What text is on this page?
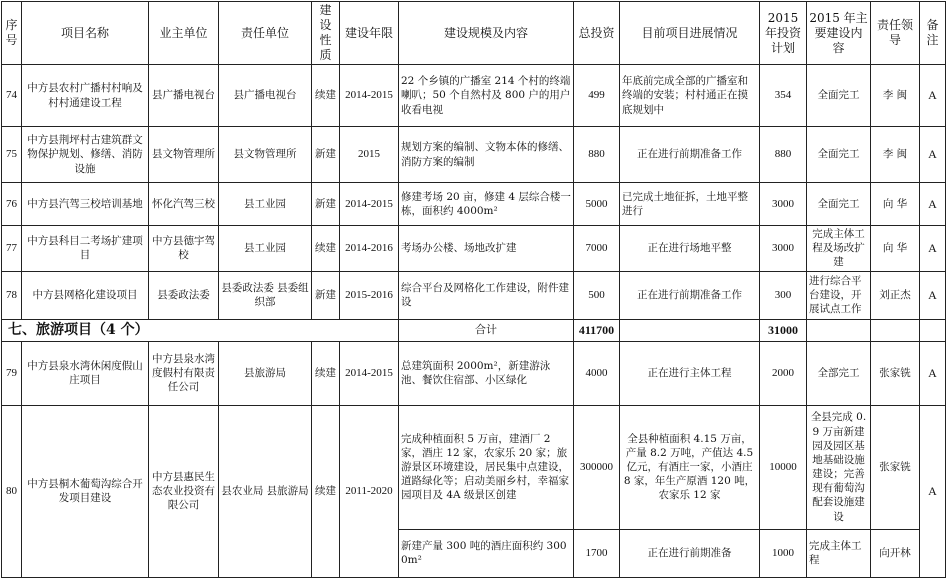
序号	项目名称	业主单位	责任单位	建设性质	建设年限	建设规模及内容	总投资	目前项目进展情况	2015 年投资计划	2015 年主要建设内容	责任领导	备注
74	中方县农村广播村村响及村村通建设工程	县广播电视台	县广播电视台	续建	2014-2015	22 个乡镇的广播室 214 个村的终端喇叭；50 个自然村及 800 户的用户收看电视	499	年底前完成全部的广播室和终端的安装；村村通正在摸底规划中	354	全面完工	李 闽	A
75	中方县荆坪村古建筑群文物保护规划、修缮、消防设施	县文物管理所	县文物管理所	新建	2015	规划方案的编制、文物本体的修缮、消防方案的编制	880	正在进行前期准备工作	880	全面完工	李 闽	A
76	中方县汽驾三校培训基地	怀化汽驾三校	县工业园	新建	2014-2015	修建考场 20 亩，修建 4 层综合楼一栋，面积约 4000m²	5000	已完成土地征拆，土地平整进行	3000	全面完工	向 华	A
77	中方县科目二考场扩建项目	中方县德宇驾校	县工业园	续建	2014-2016	考场办公楼、场地改扩建	7000	正在进行场地平整	3000	完成主体工程及场改扩建	向 华	A
78	中方县网格化建设项目	县委政法委	县委政法委 县委组织部	新建	2015-2016	综合平台及网格化工作建设，附件建设	500	正在进行前期准备工作	300	进行综合平台建设，开展试点工作	刘正杰	A
七、旅游项目（4 个）						合计	411700		31000			
79	中方县泉水湾休闲度假山庄项目	中方县泉水湾度假村有限责任公司	县旅游局	续建	2014-2015	总建筑面积 2000m²，新建游泳池、餐饮住宿部、小区绿化	4000	正在进行主体工程	2000	全部完工	张家铣	A
80	中方县桐木葡萄沟综合开发项目建设	中方县惠民生态农业投资有限公司	县农业局 县旅游局	续建	2011-2020	完成种植面积 5 万亩，建酒厂 2 家，酒庄 12 家，农家乐 20 家；旅游景区环境建设，居民集中点建设，道路绿化等；启动美丽乡村，幸福家园项目及 4A 级景区创建	300000	全县种植面积 4.15 万亩，产量 8.2 万吨，产值达 4.5 亿元，有酒庄一家，小酒庄 8 家，年生产原酒 120 吨，农家乐 12 家	10000	全县完成 0.9 万亩新建园及园区基地基础设施建设；完善现有葡萄沟配套设施建设	张家铣	A
						新建产量 300 吨的酒庄面积约 3000m²	1700	正在进行前期准备	1000	完成主体工程	向开林	
